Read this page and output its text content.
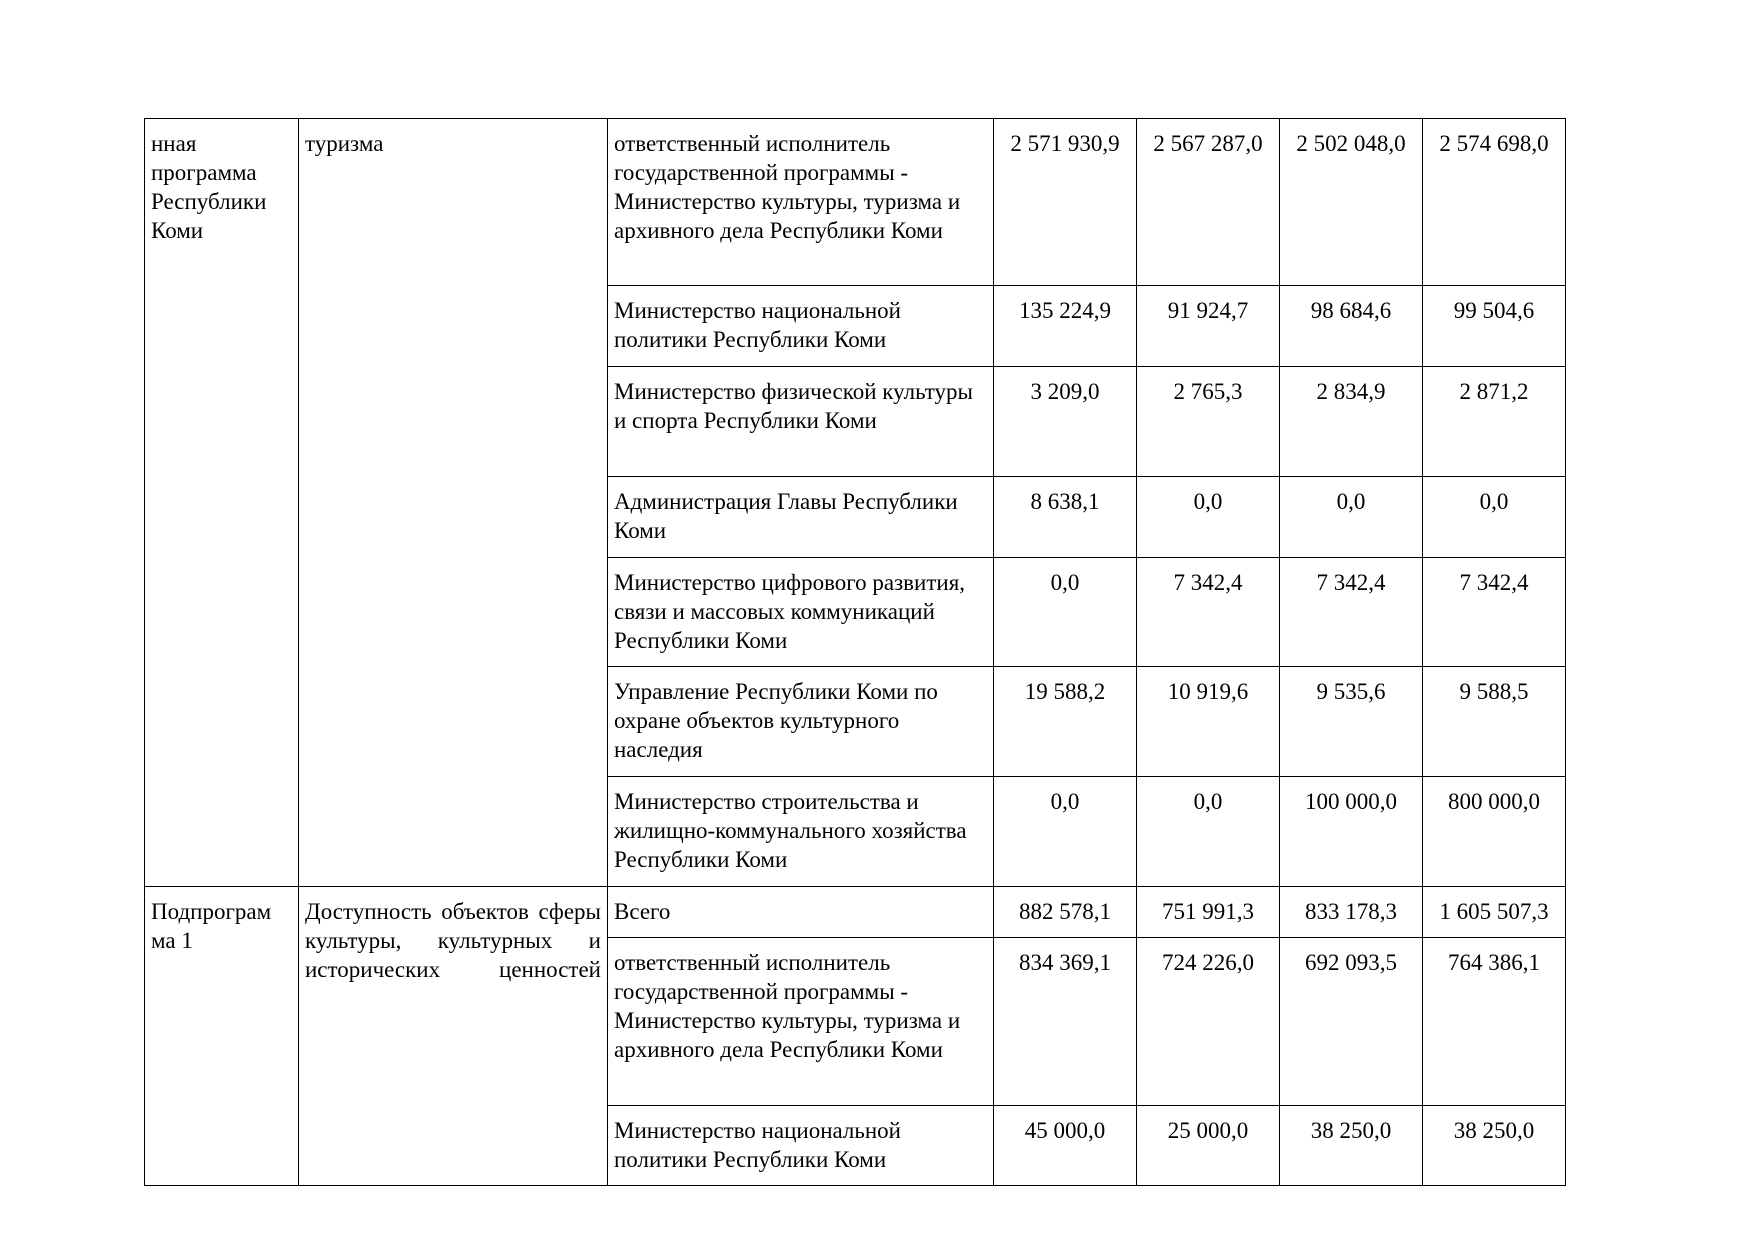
нная программа Республики Коми	туризма	ответственный исполнитель государственной программы - Министерство культуры, туризма и архивного дела Республики Коми	2 571 930,9	2 567 287,0	2 502 048,0	2 574 698,0
		Министерство национальной политики Республики Коми	135 224,9	91 924,7	98 684,6	99 504,6
		Министерство физической культуры и спорта Республики Коми	3 209,0	2 765,3	2 834,9	2 871,2
		Администрация Главы Республики Коми	8 638,1	0,0	0,0	0,0
		Министерство цифрового развития, связи и массовых коммуникаций Республики Коми	0,0	7 342,4	7 342,4	7 342,4
		Управление Республики Коми по охране объектов культурного наследия	19 588,2	10 919,6	9 535,6	9 588,5
		Министерство строительства и жилищно-коммунального хозяйства Республики Коми	0,0	0,0	100 000,0	800 000,0
Подпрограм ма 1	Доступность объектов сферы культуры, культурных и исторических ценностей	Всего	882 578,1	751 991,3	833 178,3	1 605 507,3
		ответственный исполнитель государственной программы - Министерство культуры, туризма и архивного дела Республики Коми	834 369,1	724 226,0	692 093,5	764 386,1
		Министерство национальной политики Республики Коми	45 000,0	25 000,0	38 250,0	38 250,0
